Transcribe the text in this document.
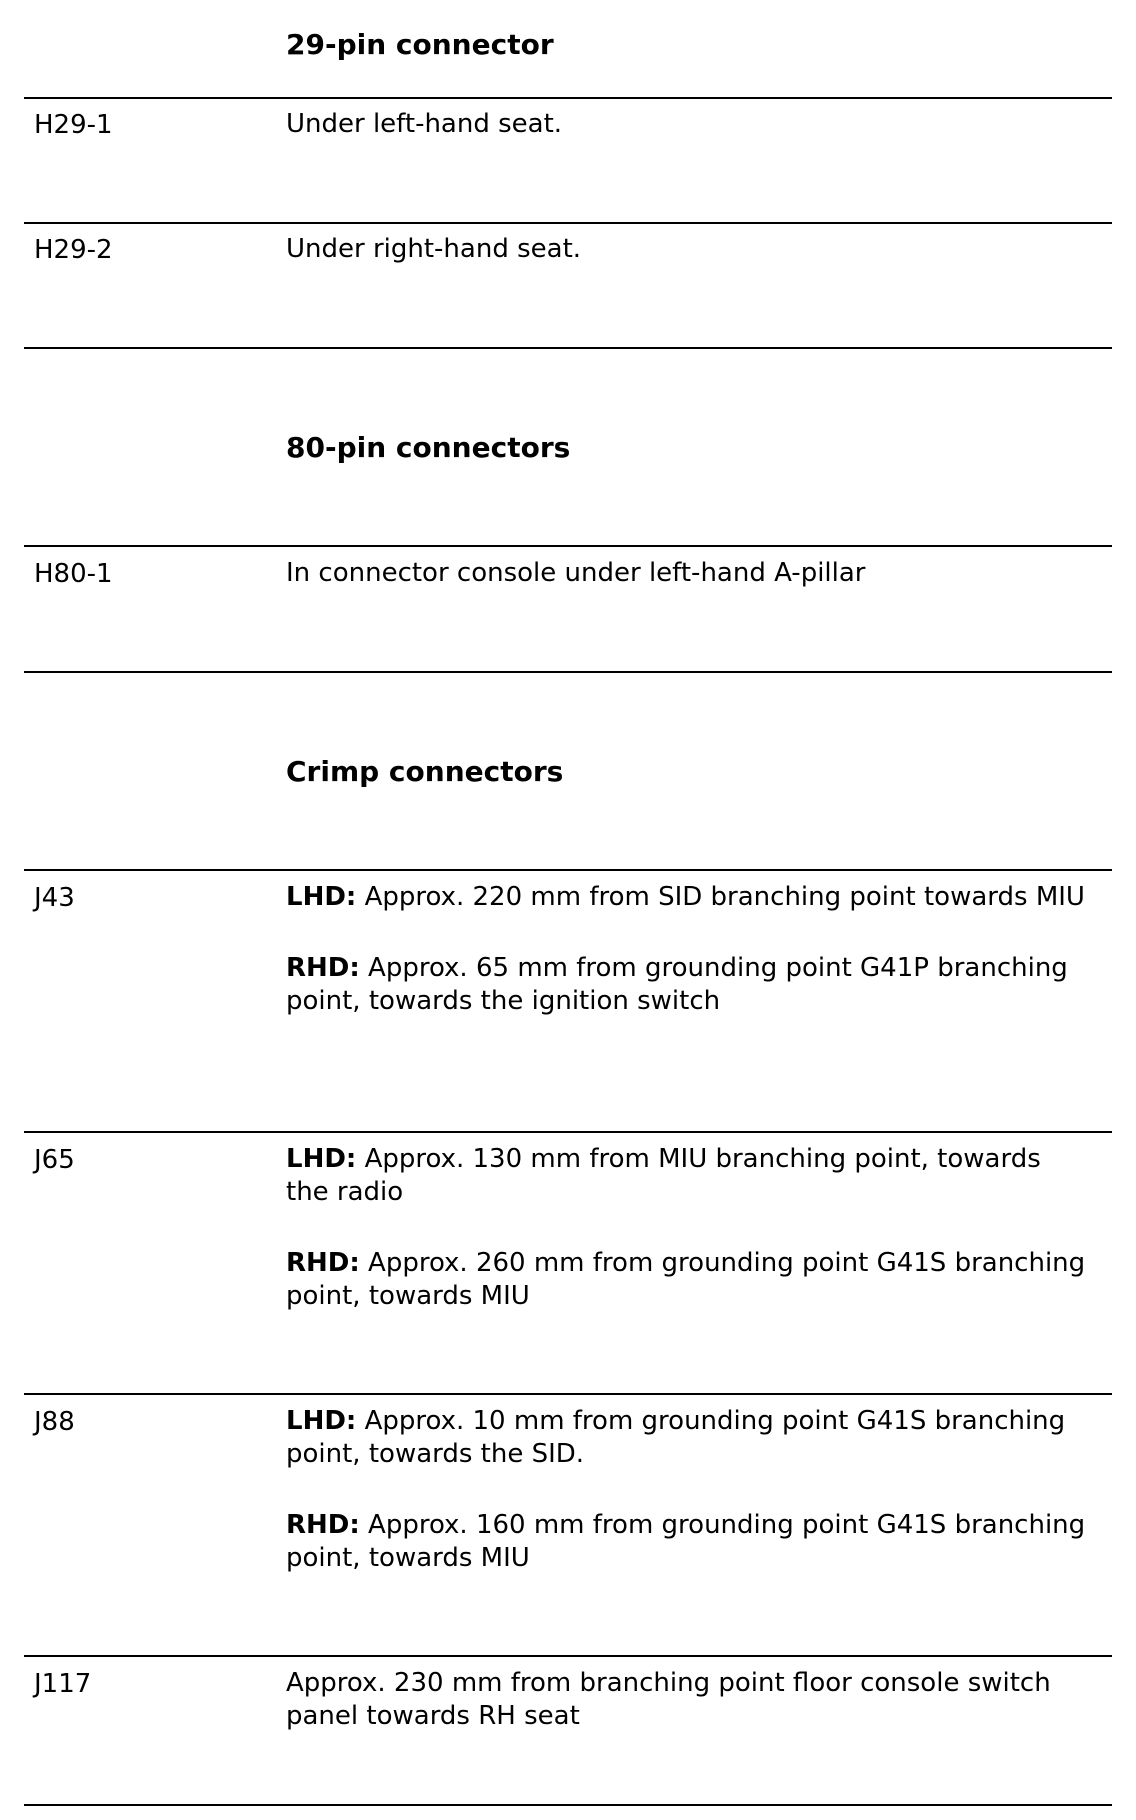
29-pin connector
H29-1	Under left-hand seat.
H29-2	Under right-hand seat.
80-pin connectors
H80-1	In connector console under left-hand A-pillar
Crimp connectors
J43	LHD: Approx. 220 mm from SID branching point towards MIU

RHD: Approx. 65 mm from grounding point G41P branching point, towards the ignition switch

J65	LHD: Approx. 130 mm from MIU branching point, towards the radio

RHD: Approx. 260 mm from grounding point G41S branching point, towards MIU

J88	LHD: Approx. 10 mm from grounding point G41S branching point, towards the SID.

RHD: Approx. 160 mm from grounding point G41S branching point, towards MIU

J117	Approx. 230 mm from branching point floor console switch panel towards RH seat
